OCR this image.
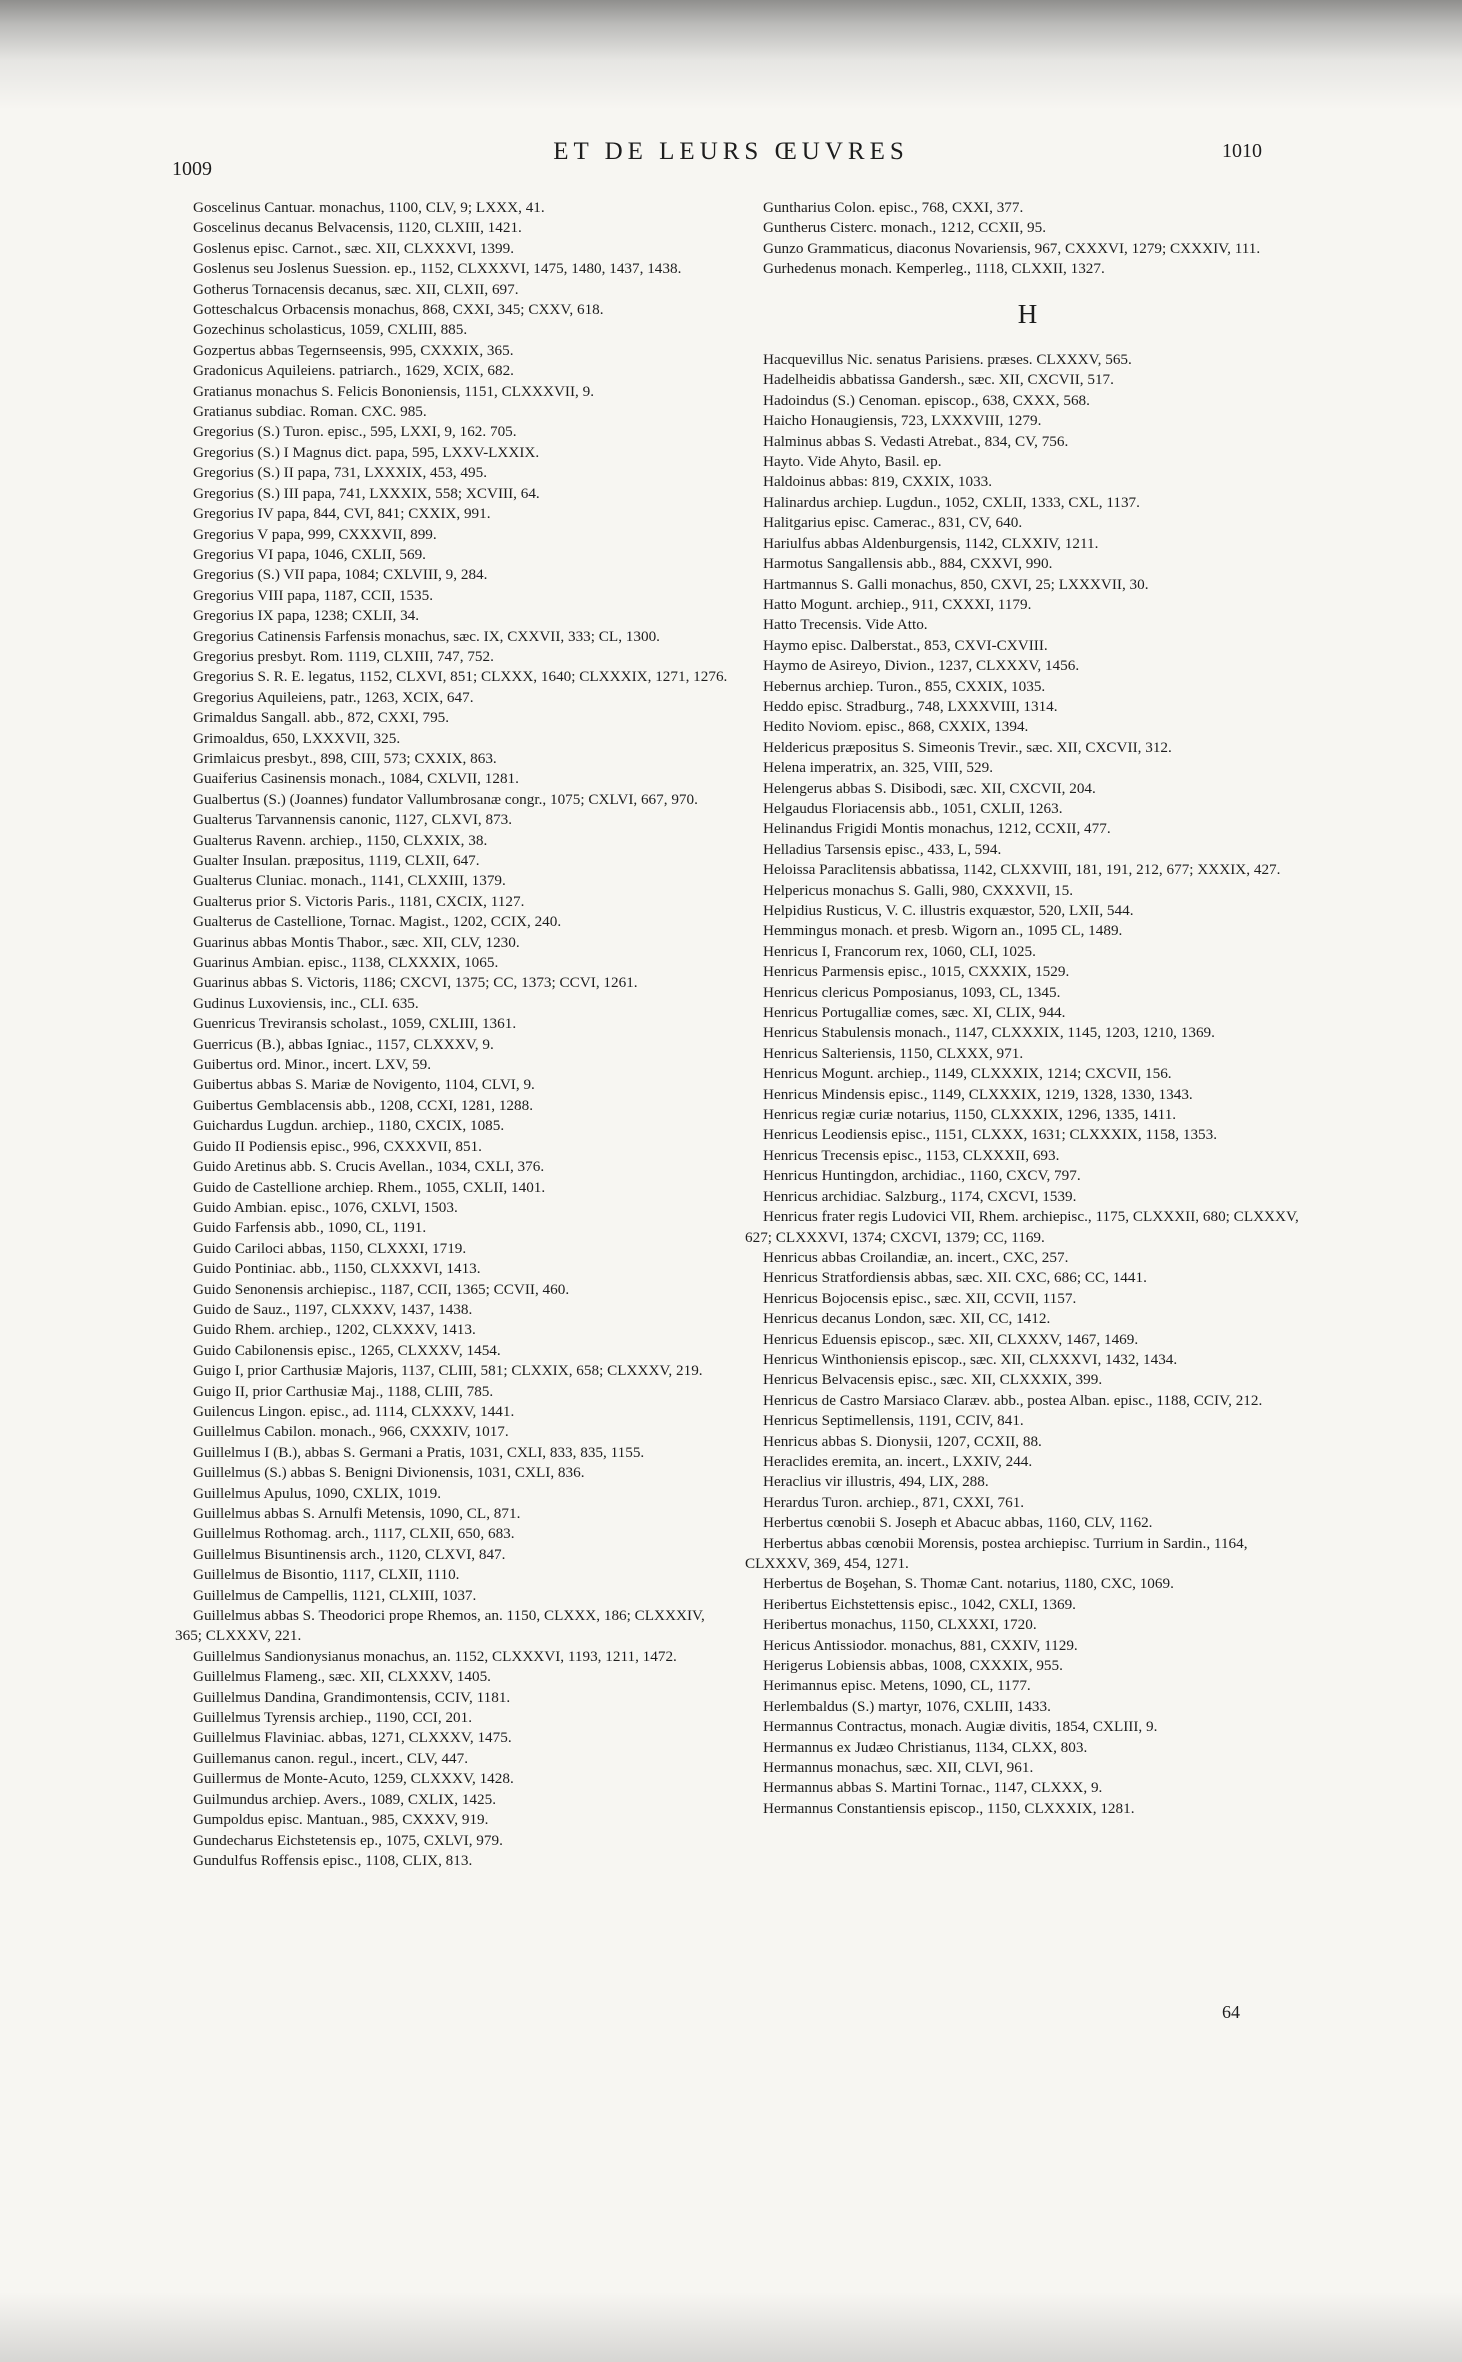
1009
ET DE LEURS ŒUVRES	1010
Goscelinus Cantuar. monachus, 1100, CLV, 9; LXXX, 41.
Goscelinus decanus Belvacensis, 1120, CLXIII, 1421.
Goslenus episc. Carnot., sæc. XII, CLXXXVI, 1399.
Goslenus seu Joslenus Suession. ep., 1152, CLXXXVI, 1475, 1480, 1437, 1438.
Gotherus Tornacensis decanus, sæc. XII, CLXII, 697.
Gotteschalcus Orbacensis monachus, 868, CXXI, 345; CXXV, 618.
Gozechinus scholasticus, 1059, CXLIII, 885.
Gozpertus abbas Tegernseensis, 995, CXXXIX, 365.
Gradonicus Aquileiens. patriarch., 1629, XCIX, 682.
Gratianus monachus S. Felicis Bononiensis, 1151, CLXXXVII, 9.
Gratianus subdiac. Roman. CXC. 985.
Gregorius (S.) Turon. episc., 595, LXXI, 9, 162. 705.
Gregorius (S.) I Magnus dict. papa, 595, LXXV-LXXIX.
Gregorius (S.) II papa, 731, LXXXIX, 453, 495.
Gregorius (S.) III papa, 741, LXXXIX, 558; XCVIII, 64.
Gregorius IV papa, 844, CVI, 841; CXXIX, 991.
Gregorius V papa, 999, CXXXVII, 899.
Gregorius VI papa, 1046, CXLII, 569.
Gregorius (S.) VII papa, 1084; CXLVIII, 9, 284.
Gregorius VIII papa, 1187, CCII, 1535.
Gregorius IX papa, 1238; CXLII, 34.
Gregorius Catinensis Farfensis monachus, sæc. IX, CXXVII, 333; CL, 1300.
Gregorius presbyt. Rom. 1119, CLXIII, 747, 752.
Gregorius S. R. E. legatus, 1152, CLXVI, 851; CLXXX, 1640; CLXXXIX, 1271, 1276.
Gregorius Aquileiens, patr., 1263, XCIX, 647.
Grimaldus Sangall. abb., 872, CXXI, 795.
Grimoaldus, 650, LXXXVII, 325.
Grimlaicus presbyt., 898, CIII, 573; CXXIX, 863.
Guaiferius Casinensis monach., 1084, CXLVII, 1281.
Gualbertus (S.) (Joannes) fundator Vallumbrosanæ congr., 1075; CXLVI, 667, 970.
Gualterus Tarvannensis canonic, 1127, CLXVI, 873.
Gualterus Ravenn. archiep., 1150, CLXXIX, 38.
Gualter Insulan. præpositus, 1119, CLXII, 647.
Gualterus Cluniac. monach., 1141, CLXXIII, 1379.
Gualterus prior S. Victoris Paris., 1181, CXCIX, 1127.
Gualterus de Castellione, Tornac. Magist., 1202, CCIX, 240.
Guarinus abbas Montis Thabor., sæc. XII, CLV, 1230.
Guarinus Ambian. episc., 1138, CLXXXIX, 1065.
Guarinus abbas S. Victoris, 1186; CXCVI, 1375; CC, 1373; CCVI, 1261.
Gudinus Luxoviensis, inc., CLI. 635.
Guenricus Treviransis scholast., 1059, CXLIII, 1361.
Guerricus (B.), abbas Igniac., 1157, CLXXXV, 9.
Guibertus ord. Minor., incert. LXV, 59.
Guibertus abbas S. Mariæ de Novigento, 1104, CLVI, 9.
Guibertus Gemblacensis abb., 1208, CCXI, 1281, 1288.
Guichardus Lugdun. archiep., 1180, CXCIX, 1085.
Guido II Podiensis episc., 996, CXXXVII, 851.
Guido Aretinus abb. S. Crucis Avellan., 1034, CXLI, 376.
Guido de Castellione archiep. Rhem., 1055, CXLII, 1401.
Guido Ambian. episc., 1076, CXLVI, 1503.
Guido Farfensis abb., 1090, CL, 1191.
Guido Cariloci abbas, 1150, CLXXXI, 1719.
Guido Pontiniac. abb., 1150, CLXXXVI, 1413.
Guido Senonensis archiepisc., 1187, CCII, 1365; CCVII, 460.
Guido de Sauz., 1197, CLXXXV, 1437, 1438.
Guido Rhem. archiep., 1202, CLXXXV, 1413.
Guido Cabilonensis episc., 1265, CLXXXV, 1454.
Guigo I, prior Carthusiæ Majoris, 1137, CLIII, 581; CLXXIX, 658; CLXXXV, 219.
Guigo II, prior Carthusiæ Maj., 1188, CLIII, 785.
Guilencus Lingon. episc., ad. 1114, CLXXXV, 1441.
Guillelmus Cabilon. monach., 966, CXXXIV, 1017.
Guillelmus I (B.), abbas S. Germani a Pratis, 1031, CXLI, 833, 835, 1155.
Guillelmus (S.) abbas S. Benigni Divionensis, 1031, CXLI, 836.
Guillelmus Apulus, 1090, CXLIX, 1019.
Guillelmus abbas S. Arnulfi Metensis, 1090, CL, 871.
Guillelmus Rothomag. arch., 1117, CLXII, 650, 683.
Guillelmus Bisuntinensis arch., 1120, CLXVI, 847.
Guillelmus de Bisontio, 1117, CLXII, 1110.
Guillelmus de Campellis, 1121, CLXIII, 1037.
Guillelmus abbas S. Theodorici prope Rhemos, an. 1150, CLXXX, 186; CLXXXIV, 365; CLXXXV, 221.
Guillelmus Sandionysianus monachus, an. 1152, CLXXXVI, 1193, 1211, 1472.
Guillelmus Flameng., sæc. XII, CLXXXV, 1405.
Guillelmus Dandina, Grandimontensis, CCIV, 1181.
Guillelmus Tyrensis archiep., 1190, CCI, 201.
Guillelmus Flaviniac. abbas, 1271, CLXXXV, 1475.
Guillemanus canon. regul., incert., CLV, 447.
Guillermus de Monte-Acuto, 1259, CLXXXV, 1428.
Guilmundus archiep. Avers., 1089, CXLIX, 1425.
Gumpoldus episc. Mantuan., 985, CXXXV, 919.
Gundecharus Eichstetensis ep., 1075, CXLVI, 979.
Gundulfus Roffensis episc., 1108, CLIX, 813.
Guntharius Colon. episc., 768, CXXI, 377.
Guntherus Cisterc. monach., 1212, CCXII, 95.
Gunzo Grammaticus, diaconus Novariensis, 967, CXXXVI, 1279; CXXXIV, 111.
Gurhedenus monach. Kemperleg., 1118, CLXXII, 1327.
H
Hacquevillus Nic. senatus Parisiens. præses. CLXXXV, 565.
Hadelheidis abbatissa Gandersh., sæc. XII, CXCVII, 517.
Hadoindus (S.) Cenoman. episcop., 638, CXXX, 568.
Haicho Honaugiensis, 723, LXXXVIII, 1279.
Halminus abbas S. Vedasti Atrebat., 834, CV, 756.
Hayto. Vide Ahyto, Basil. ep.
Haldoinus abbas: 819, CXXIX, 1033.
Halinardus archiep. Lugdun., 1052, CXLII, 1333, CXL, 1137.
Halitgarius episc. Camerac., 831, CV, 640.
Hariulfus abbas Aldenburgensis, 1142, CLXXIV, 1211.
Harmotus Sangallensis abb., 884, CXXVI, 990.
Hartmannus S. Galli monachus, 850, CXVI, 25; LXXXVII, 30.
Hatto Mogunt. archiep., 911, CXXXI, 1179.
Hatto Trecensis. Vide Atto.
Haymo episc. Dalberstat., 853, CXVI-CXVIII.
Haymo de Asireyo, Divion., 1237, CLXXXV, 1456.
Hebernus archiep. Turon., 855, CXXIX, 1035.
Heddo episc. Stradburg., 748, LXXXVIII, 1314.
Hedito Noviom. episc., 868, CXXIX, 1394.
Heldericus præpositus S. Simeonis Trevir., sæc. XII, CXCVII, 312.
Helena imperatrix, an. 325, VIII, 529.
Helengerus abbas S. Disibodi, sæc. XII, CXCVII, 204.
Helgaudus Floriacensis abb., 1051, CXLII, 1263.
Helinandus Frigidi Montis monachus, 1212, CCXII, 477.
Helladius Tarsensis episc., 433, L, 594.
Heloissa Paraclitensis abbatissa, 1142, CLXXVIII, 181, 191, 212, 677; XXXIX, 427.
Helpericus monachus S. Galli, 980, CXXXVII, 15.
Helpidius Rusticus, V. C. illustris exquæstor, 520, LXII, 544.
Hemmingus monach. et presb. Wigorn an., 1095 CL, 1489.
Henricus I, Francorum rex, 1060, CLI, 1025.
Henricus Parmensis episc., 1015, CXXXIX, 1529.
Henricus clericus Pomposianus, 1093, CL, 1345.
Henricus Portugalliæ comes, sæc. XI, CLIX, 944.
Henricus Stabulensis monach., 1147, CLXXXIX, 1145, 1203, 1210, 1369.
Henricus Salteriensis, 1150, CLXXX, 971.
Henricus Mogunt. archiep., 1149, CLXXXIX, 1214; CXCVII, 156.
Henricus Mindensis episc., 1149, CLXXXIX, 1219, 1328, 1330, 1343.
Henricus regiæ curiæ notarius, 1150, CLXXXIX, 1296, 1335, 1411.
Henricus Leodiensis episc., 1151, CLXXX, 1631; CLXXXIX, 1158, 1353.
Henricus Trecensis episc., 1153, CLXXXII, 693.
Henricus Huntingdon, archidiac., 1160, CXCV, 797.
Henricus archidiac. Salzburg., 1174, CXCVI, 1539.
Henricus frater regis Ludovici VII, Rhem. archiepisc., 1175, CLXXXII, 680; CLXXXV, 627; CLXXXVI, 1374; CXCVI, 1379; CC, 1169.
Henricus abbas Croilandiæ, an. incert., CXC, 257.
Henricus Stratfordiensis abbas, sæc. XII. CXC, 686; CC, 1441.
Henricus Bojocensis episc., sæc. XII, CCVII, 1157.
Henricus decanus London, sæc. XII, CC, 1412.
Henricus Eduensis episcop., sæc. XII, CLXXXV, 1467, 1469.
Henricus Winthoniensis episcop., sæc. XII, CLXXXVI, 1432, 1434.
Henricus Belvacensis episc., sæc. XII, CLXXXIX, 399.
Henricus de Castro Marsiaco Claræv. abb., postea Alban. episc., 1188, CCIV, 212.
Henricus Septimellensis, 1191, CCIV, 841.
Henricus abbas S. Dionysii, 1207, CCXII, 88.
Heraclides eremita, an. incert., LXXIV, 244.
Heraclius vir illustris, 494, LIX, 288.
Herardus Turon. archiep., 871, CXXI, 761.
Herbertus cœnobii S. Joseph et Abacuc abbas, 1160, CLV, 1162.
Herbertus abbas cœnobii Morensis, postea archiepisc. Turrium in Sardin., 1164, CLXXXV, 369, 454, 1271.
Herbertus de Boşehan, S. Thomæ Cant. notarius, 1180, CXC, 1069.
Heribertus Eichstettensis episc., 1042, CXLI, 1369.
Heribertus monachus, 1150, CLXXXI, 1720.
Hericus Antissiodor. monachus, 881, CXXIV, 1129.
Herigerus Lobiensis abbas, 1008, CXXXIX, 955.
Herimannus episc. Metens, 1090, CL, 1177.
Herlembaldus (S.) martyr, 1076, CXLIII, 1433.
Hermannus Contractus, monach. Augiæ divitis, 1854, CXLIII, 9.
Hermannus ex Judæo Christianus, 1134, CLXX, 803.
Hermannus monachus, sæc. XII, CLVI, 961.
Hermannus abbas S. Martini Tornac., 1147, CLXXX, 9.
Hermannus Constantiensis episcop., 1150, CLXXXIX, 1281.
64
